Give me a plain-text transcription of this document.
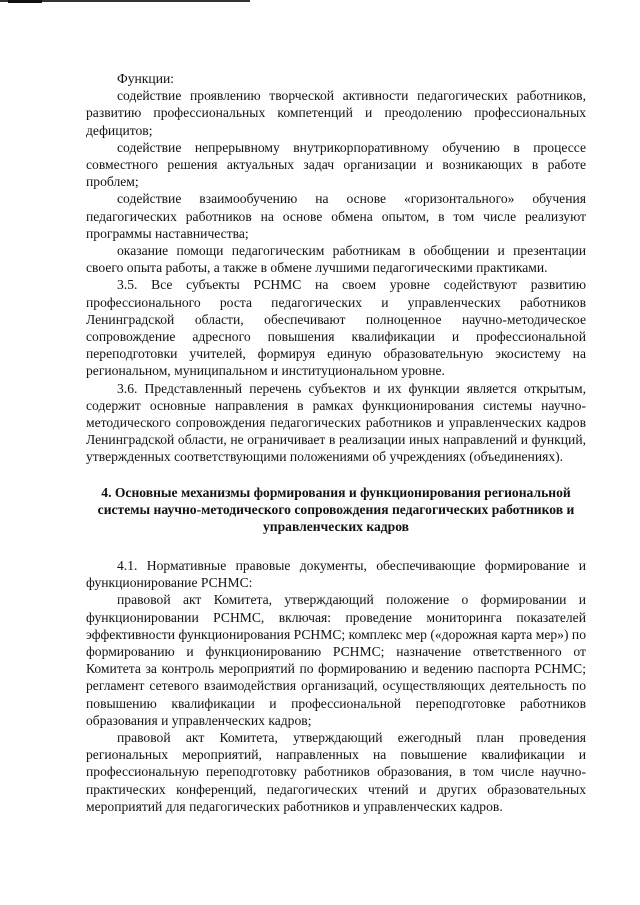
Функции:

содействие проявлению творческой активности педагогических работников, развитию профессиональных компетенций и преодолению профессиональных дефицитов;

содействие непрерывному внутрикорпоративному обучению в процессе совместного решения актуальных задач организации и возникающих в работе проблем;

содействие взаимообучению на основе «горизонтального» обучения педагогических работников на основе обмена опытом, в том числе реализуют программы наставничества;

оказание помощи педагогическим работникам в обобщении и презентации своего опыта работы, а также в обмене лучшими педагогическими практиками.

3.5. Все субъекты РСНМС на своем уровне содействуют развитию профессионального роста педагогических и управленческих работников Ленинградской области, обеспечивают полноценное научно-методическое сопровождение адресного повышения квалификации и профессиональной переподготовки учителей, формируя единую образовательную экосистему на региональном, муниципальном и институциональном уровне.

3.6. Представленный перечень субъектов и их функции является открытым, содержит основные направления в рамках функционирования системы научно-методического сопровождения педагогических работников и управленческих кадров Ленинградской области, не ограничивает в реализации иных направлений и функций, утвержденных соответствующими положениями об учреждениях (объединениях).

4. Основные механизмы формирования и функционирования региональной
системы научно-методического сопровождения педагогических работников и
управленческих кадров

4.1. Нормативные правовые документы, обеспечивающие формирование и функционирование РСНМС:

правовой акт Комитета, утверждающий положение о формировании и функционировании РСНМС, включая: проведение мониторинга показателей эффективности функционирования РСНМС; комплекс мер («дорожная карта мер») по формированию и функционированию РСНМС; назначение ответственного от Комитета за контроль мероприятий по формированию и ведению паспорта РСНМС; регламент сетевого взаимодействия организаций, осуществляющих деятельность по повышению квалификации и профессиональной переподготовке работников образования и управленческих кадров;

правовой акт Комитета, утверждающий ежегодный план проведения региональных мероприятий, направленных на повышение квалификации и профессиональную переподготовку работников образования, в том числе научно-практических конференций, педагогических чтений и других образовательных мероприятий для педагогических работников и управленческих кадров.
